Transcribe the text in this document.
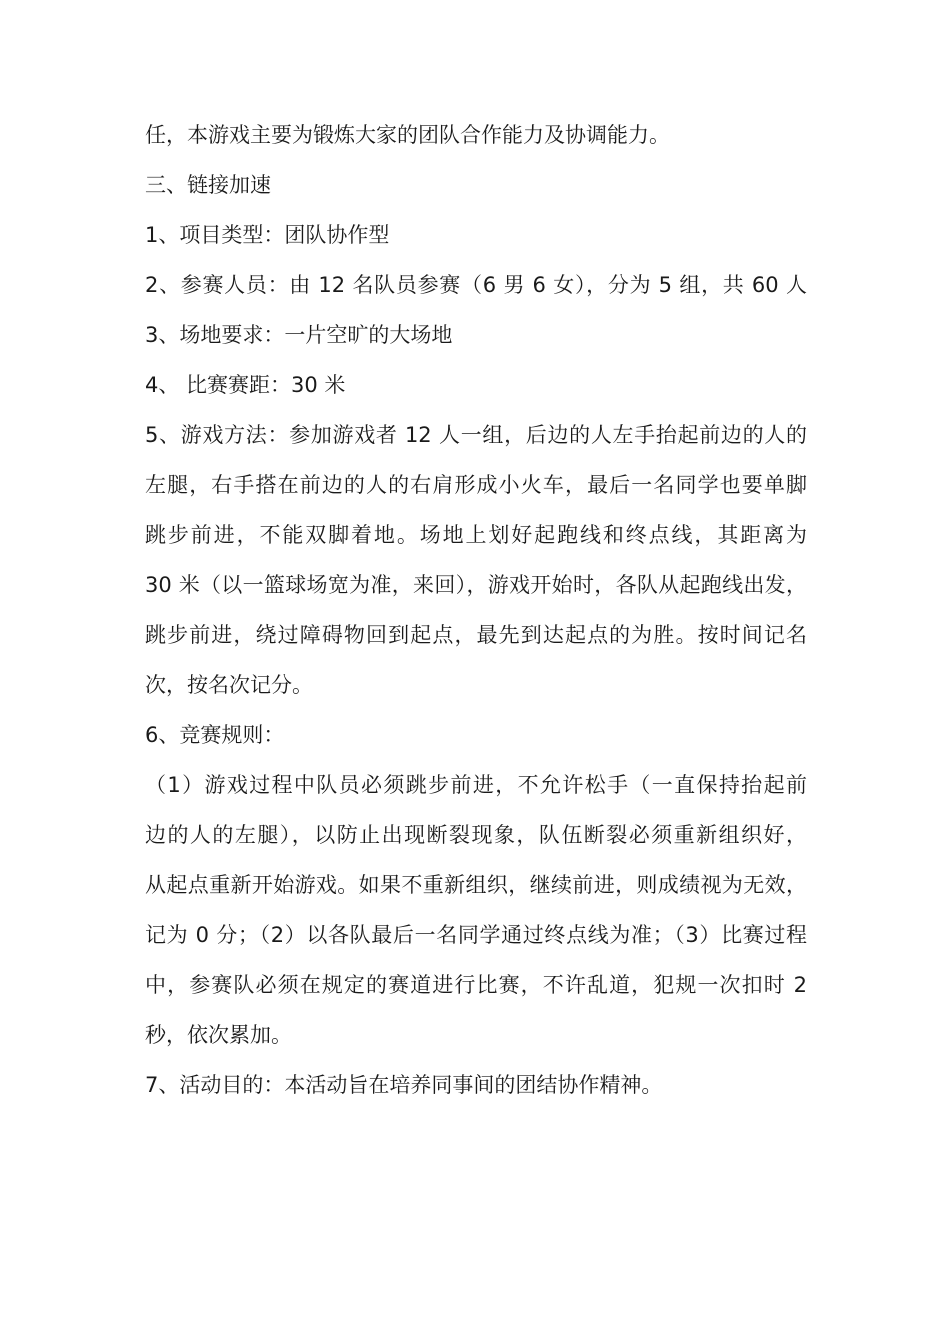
任，本游戏主要为锻炼大家的团队合作能力及协调能力。

三、链接加速

1、项目类型：团队协作型

2、参赛人员：由 12 名队员参赛（6 男 6 女），分为 5 组，共 60 人

3、场地要求：一片空旷的大场地

4、 比赛赛距：30 米

5、游戏方法：参加游戏者 12 人一组，后边的人左手抬起前边的人的

左腿，右手搭在前边的人的右肩形成小火车，最后一名同学也要单脚

跳步前进，不能双脚着地。场地上划好起跑线和终点线，其距离为

30 米（以一篮球场宽为准，来回），游戏开始时，各队从起跑线出发，

跳步前进，绕过障碍物回到起点，最先到达起点的为胜。按时间记名

次，按名次记分。

6、竞赛规则：

（1）游戏过程中队员必须跳步前进，不允许松手（一直保持抬起前

边的人的左腿），以防止出现断裂现象，队伍断裂必须重新组织好，

从起点重新开始游戏。如果不重新组织，继续前进，则成绩视为无效，

记为 0 分；（2）以各队最后一名同学通过终点线为准；（3）比赛过程

中，参赛队必须在规定的赛道进行比赛，不许乱道，犯规一次扣时 2

秒，依次累加。

7、活动目的：本活动旨在培养同事间的团结协作精神。
